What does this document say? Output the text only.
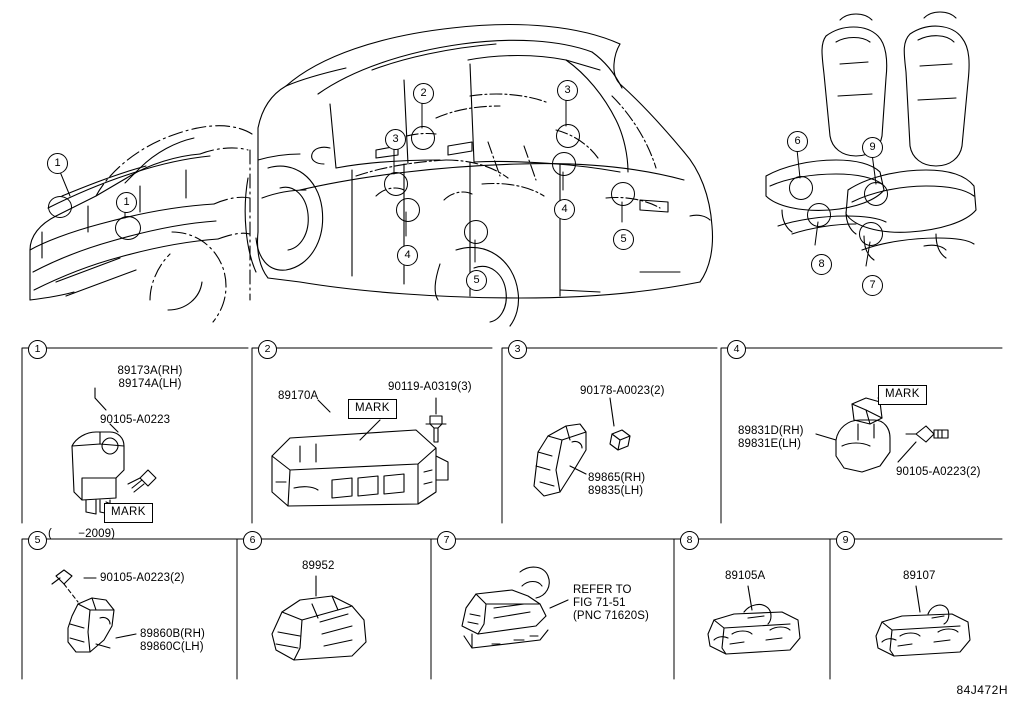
1
1
2	3
3
4
4
5
5
6	9
8
7
1	2	3	4
5	6	7	8	9
89173A(RH)
89174A(LH)
90105-A0223
MARK
89170A
90119-A0319(3)
MARK
90178-A0023(2)
89865(RH)
89835(LH)
89831D(RH)
89831E(LH)
90105-A0223(2)
MARK
(        −2009)
90105-A0223(2)
89860B(RH)
89860C(LH)
89952
REFER TO
FIG 71-51
(PNC 71620S)
89105A	89107
84J472H
